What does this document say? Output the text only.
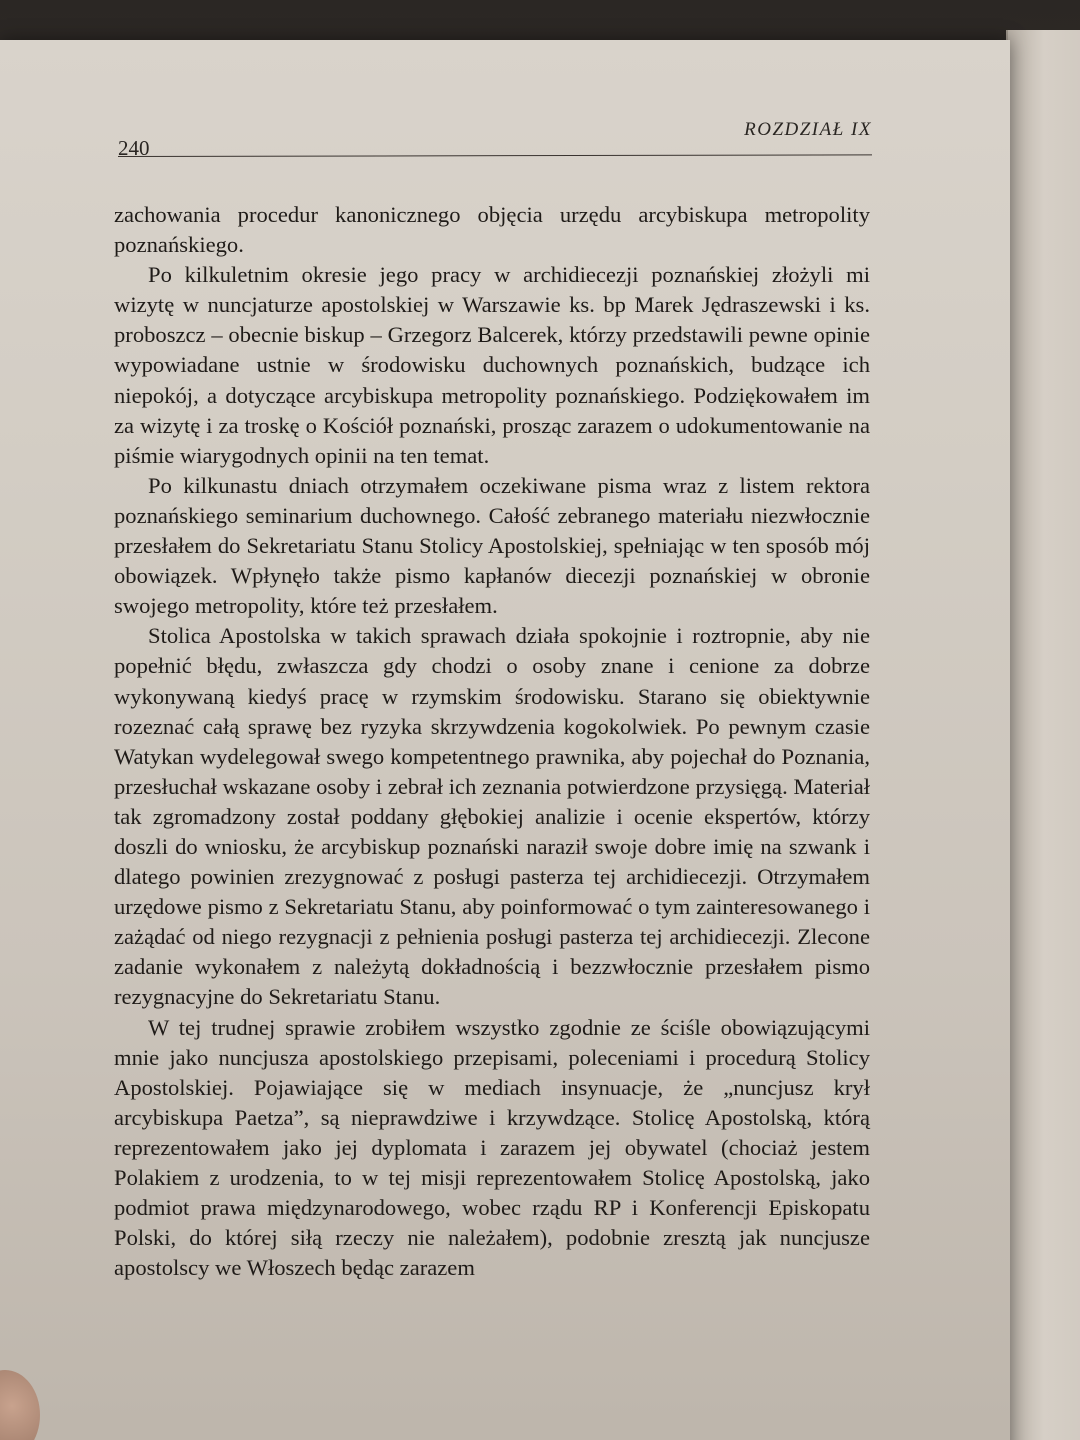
240
ROZDZIAŁ IX

zachowania procedur kanonicznego objęcia urzędu arcybiskupa metropolity poznańskiego.

Po kilkuletnim okresie jego pracy w archidiecezji poznańskiej złożyli mi wizytę w nuncjaturze apostolskiej w Warszawie ks. bp Marek Jędraszewski i ks. proboszcz – obecnie biskup – Grzegorz Balcerek, którzy przedstawili pewne opinie wypowiadane ustnie w środowisku duchownych poznańskich, budzące ich niepokój, a dotyczące arcybiskupa metropolity poznańskiego. Podziękowałem im za wizytę i za troskę o Kościół poznański, prosząc zarazem o udokumentowanie na piśmie wiarygodnych opinii na ten temat.

Po kilkunastu dniach otrzymałem oczekiwane pisma wraz z listem rektora poznańskiego seminarium duchownego. Całość zebranego materiału niezwłocznie przesłałem do Sekretariatu Stanu Stolicy Apostolskiej, spełniając w ten sposób mój obowiązek. Wpłynęło także pismo kapłanów diecezji poznańskiej w obronie swojego metropolity, które też przesłałem.

Stolica Apostolska w takich sprawach działa spokojnie i roztropnie, aby nie popełnić błędu, zwłaszcza gdy chodzi o osoby znane i cenione za dobrze wykonywaną kiedyś pracę w rzymskim środowisku. Starano się obiektywnie rozeznać całą sprawę bez ryzyka skrzywdzenia kogokolwiek. Po pewnym czasie Watykan wydelegował swego kompetentnego prawnika, aby pojechał do Poznania, przesłuchał wskazane osoby i zebrał ich zeznania potwierdzone przysięgą. Materiał tak zgromadzony został poddany głębokiej analizie i ocenie ekspertów, którzy doszli do wniosku, że arcybiskup poznański naraził swoje dobre imię na szwank i dlatego powinien zrezygnować z posługi pasterza tej archidiecezji. Otrzymałem urzędowe pismo z Sekretariatu Stanu, aby poinformować o tym zainteresowanego i zażądać od niego rezygnacji z pełnienia posługi pasterza tej archidiecezji. Zlecone zadanie wykonałem z należytą dokładnością i bezzwłocznie przesłałem pismo rezygnacyjne do Sekretariatu Stanu.

W tej trudnej sprawie zrobiłem wszystko zgodnie ze ściśle obowiązującymi mnie jako nuncjusza apostolskiego przepisami, poleceniami i procedurą Stolicy Apostolskiej. Pojawiające się w mediach insynuacje, że „nuncjusz krył arcybiskupa Paetza”, są nieprawdziwe i krzywdzące. Stolicę Apostolską, którą reprezentowałem jako jej dyplomata i zarazem jej obywatel (chociaż jestem Polakiem z urodzenia, to w tej misji reprezentowałem Stolicę Apostolską, jako podmiot prawa międzynarodowego, wobec rządu RP i Konferencji Episkopatu Polski, do której siłą rzeczy nie należałem), podobnie zresztą jak nuncjusze apostolscy we Włoszech będąc zarazem
